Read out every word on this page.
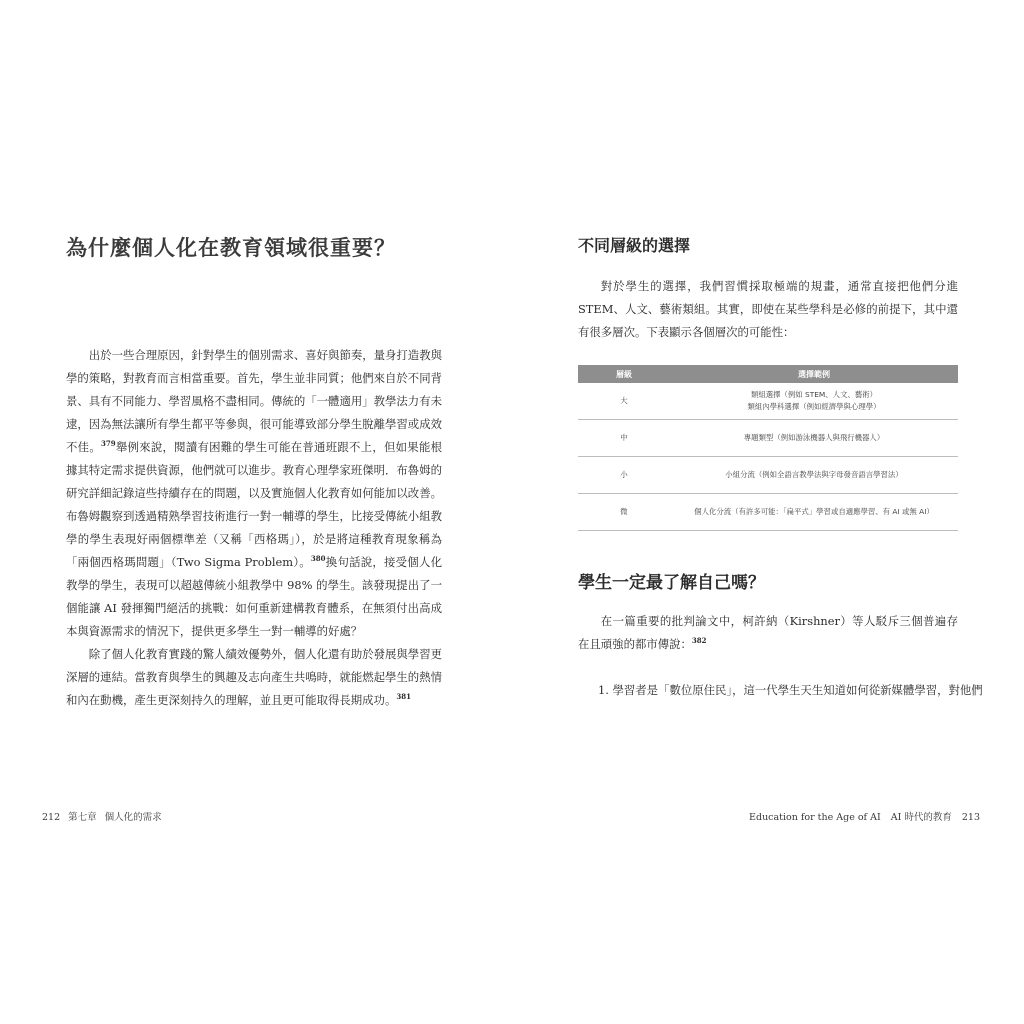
為什麼個人化在教育領域很重要？

出於一些合理原因，針對學生的個別需求、喜好與節奏，量身打造教與學的策略，對教育而言相當重要。首先，學生並非同質；他們來自於不同背景、具有不同能力、學習風格不盡相同。傳統的「一體適用」教學法力有未逮，因為無法讓所有學生都平等參與，很可能導致部分學生脫離學習或成效不佳。$^{379}$舉例來說，閱讀有困難的學生可能在普通班跟不上，但如果能根據其特定需求提供資源，他們就可以進步。教育心理學家班傑明．布魯姆的研究詳細記錄這些持續存在的問題，以及實施個人化教育如何能加以改善。布魯姆觀察到透過精熟學習技術進行一對一輔導的學生，比接受傳統小組教學的學生表現好兩個標準差（又稱「西格瑪」），於是將這種教育現象稱為「兩個西格瑪問題」（Two Sigma Problem）。$^{380}$換句話說，接受個人化教學的學生，表現可以超越傳統小組教學中 98% 的學生。該發現提出了一個能讓 AI 發揮獨門絕活的挑戰：如何重新建構教育體系，在無須付出高成本與資源需求的情況下，提供更多學生一對一輔導的好處？

除了個人化教育實踐的驚人績效優勢外，個人化還有助於發展與學習更深層的連結。當教育與學生的興趣及志向產生共鳴時，就能燃起學生的熱情和內在動機，產生更深刻持久的理解，並且更可能取得長期成功。$^{381}$

212 第七章 個人化的需求
不同層級的選擇

對於學生的選擇，我們習慣採取極端的規畫，通常直接把他們分進 STEM、人文、藝術類組。其實，即使在某些學科是必修的前提下，其中還有很多層次。下表顯示各個層次的可能性：

層級	選擇範例
大	類組選擇（例如 STEM、人文、藝術）
類組內學科選擇（例如經濟學與心理學）

中	專題類型（例如游泳機器人與飛行機器人）
小	小組分流（例如全語言教學法與字母發音語言學習法）
微	個人化分流（有許多可能：「扁平式」學習或自適應學習、有 AI 或無 AI）
學生一定最了解自己嗎？

在一篇重要的批判論文中，柯許納（Kirshner）等人駁斥三個普遍存在且頑強的都市傳說：$^{382}$

1. 學習者是「數位原住民」，這一代學生天生知道如何從新媒體學習，對他們
Education for the Age of AI AI 時代的教育 213
